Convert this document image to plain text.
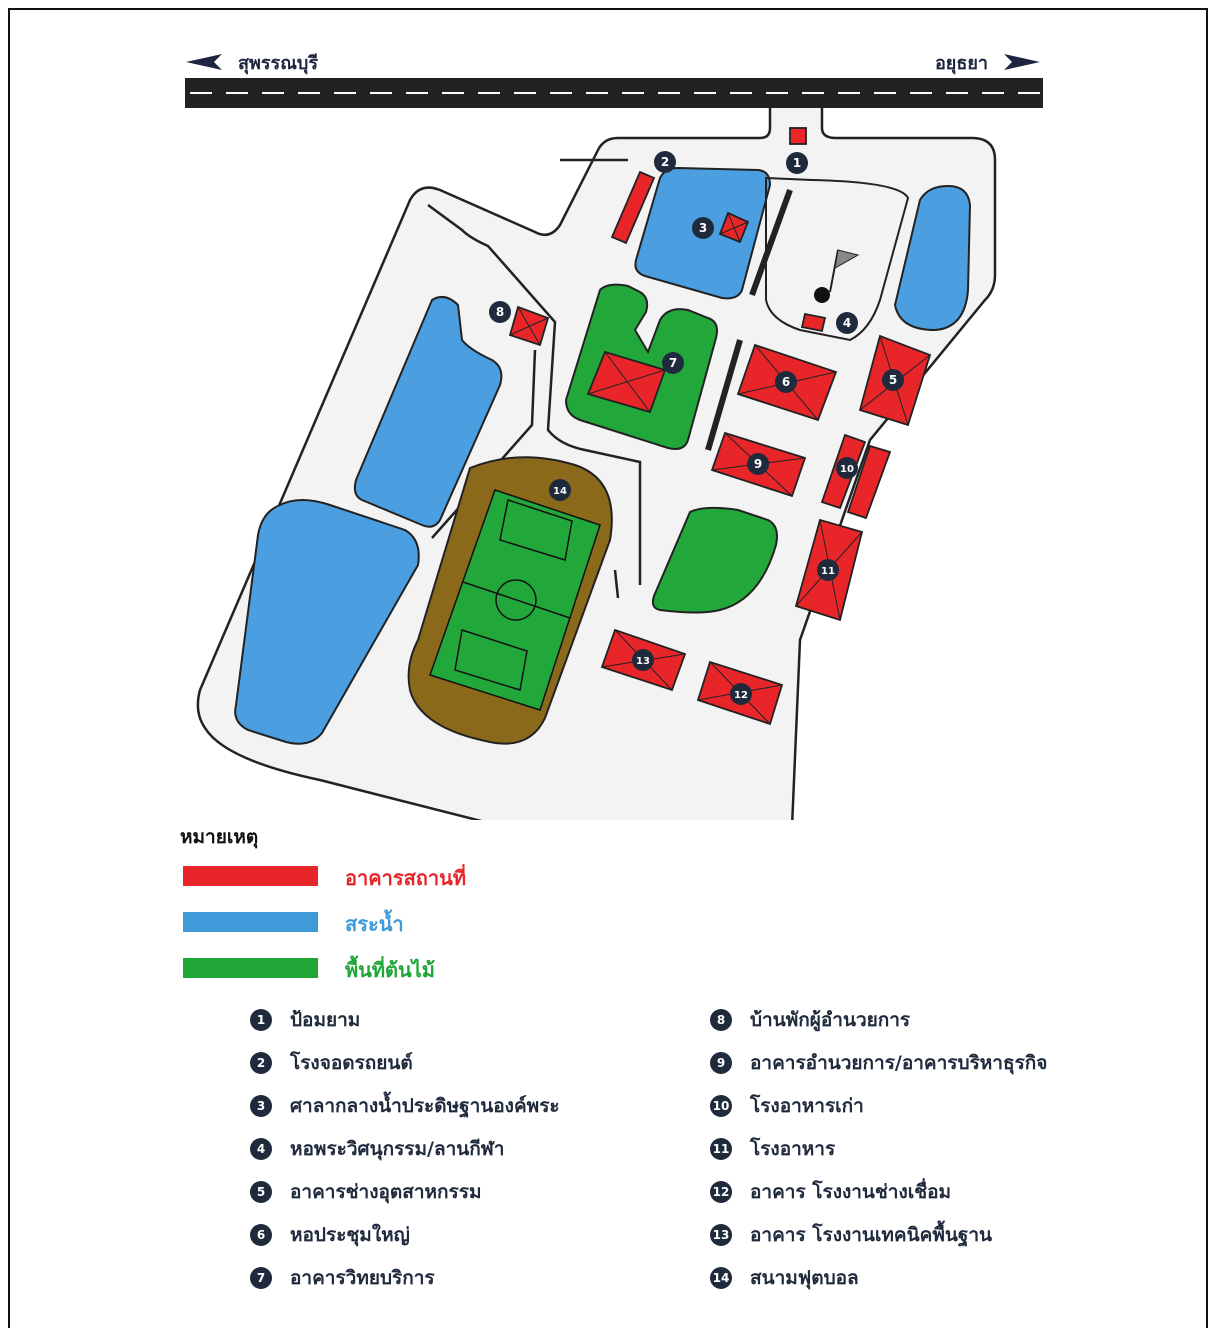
1
2
3
4
5
6
7
8
9	10
11
12
13
14
สุพรรณบุรี	อยุธยา
หมายเหตุ
อาคารสถานที่
สระน้ำ
พื้นที่ต้นไม้
1	ป้อมยาม
2	โรงจอดรถยนต์
3	ศาลากลางน้ำประดิษฐานองค์พระ
4	หอพระวิศนุกรรม/ลานกีฬา
5	อาคารช่างอุตสาหกรรม
6	หอประชุมใหญ่
7	อาคารวิทยบริการ
8	บ้านพักผู้อำนวยการ
9	อาคารอำนวยการ/อาคารบริหาธุรกิจ
10 โรงอาหารเก่า
11 โรงอาหาร
12 อาคาร โรงงานช่างเชื่อม
13 อาคาร โรงงานเทคนิคพื้นฐาน
14 สนามฟุตบอล
